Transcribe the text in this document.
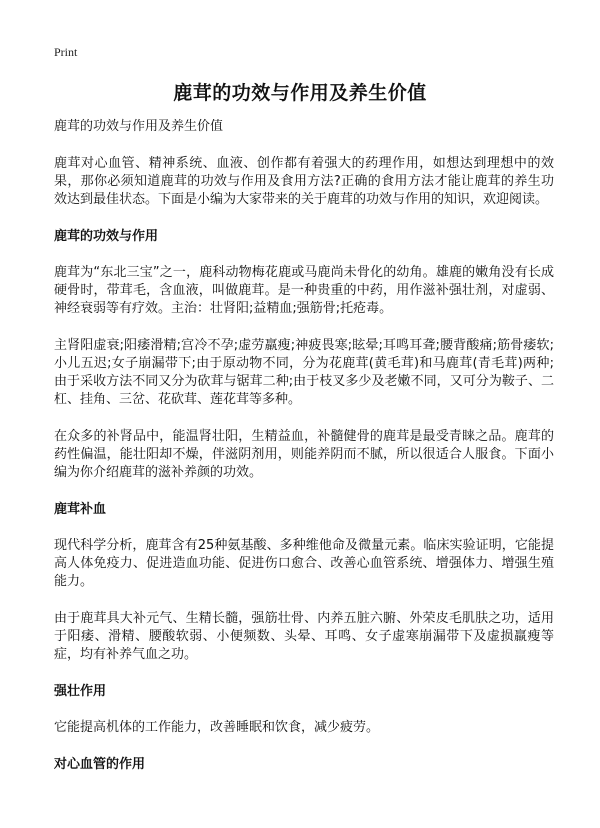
Print
鹿茸的功效与作用及养生价值

鹿茸的功效与作用及养生价值

鹿茸对心血管、精神系统、血液、创作都有着强大的药理作用，如想达到理想中的效果，那你必须知道鹿茸的功效与作用及食用方法?正确的食用方法才能让鹿茸的养生功效达到最佳状态。下面是小编为大家带来的关于鹿茸的功效与作用的知识，欢迎阅读。

鹿茸的功效与作用

鹿茸为“东北三宝”之一，鹿科动物梅花鹿或马鹿尚未骨化的幼角。雄鹿的嫩角没有长成硬骨时，带茸毛，含血液，叫做鹿茸。是一种贵重的中药，用作滋补强壮剂，对虚弱、神经衰弱等有疗效。主治：壮肾阳;益精血;强筋骨;托疮毒。

主肾阳虚衰;阳痿滑精;宫冷不孕;虚劳羸瘦;神疲畏寒;眩晕;耳鸣耳聋;腰背酸痛;筋骨痿软;小儿五迟;女子崩漏带下;由于原动物不同，分为花鹿茸(黄毛茸)和马鹿茸(青毛茸)两种;由于采收方法不同又分为砍茸与锯茸二种;由于枝叉多少及老嫩不同，又可分为鞍子、二杠、挂角、三岔、花砍茸、莲花茸等多种。

在众多的补肾品中，能温肾壮阳，生精益血，补髓健骨的鹿茸是最受青睐之品。鹿茸的药性偏温，能壮阳却不燥，伴滋阴剂用，则能养阴而不腻，所以很适合人服食。下面小编为你介绍鹿茸的滋补养颜的功效。

鹿茸补血

现代科学分析，鹿茸含有25种氨基酸、多种维他命及微量元素。临床实验证明，它能提高人体免疫力、促进造血功能、促进伤口愈合、改善心血管系统、增强体力、增强生殖能力。

由于鹿茸具大补元气、生精长髓，强筋壮骨、内养五脏六腑、外荣皮毛肌肤之功，适用于阳痿、滑精、腰酸软弱、小便频数、头晕、耳鸣、女子虚寒崩漏带下及虚损羸瘦等症，均有补养气血之功。

强壮作用

它能提高机体的工作能力，改善睡眠和饮食，减少疲劳。

对心血管的作用
